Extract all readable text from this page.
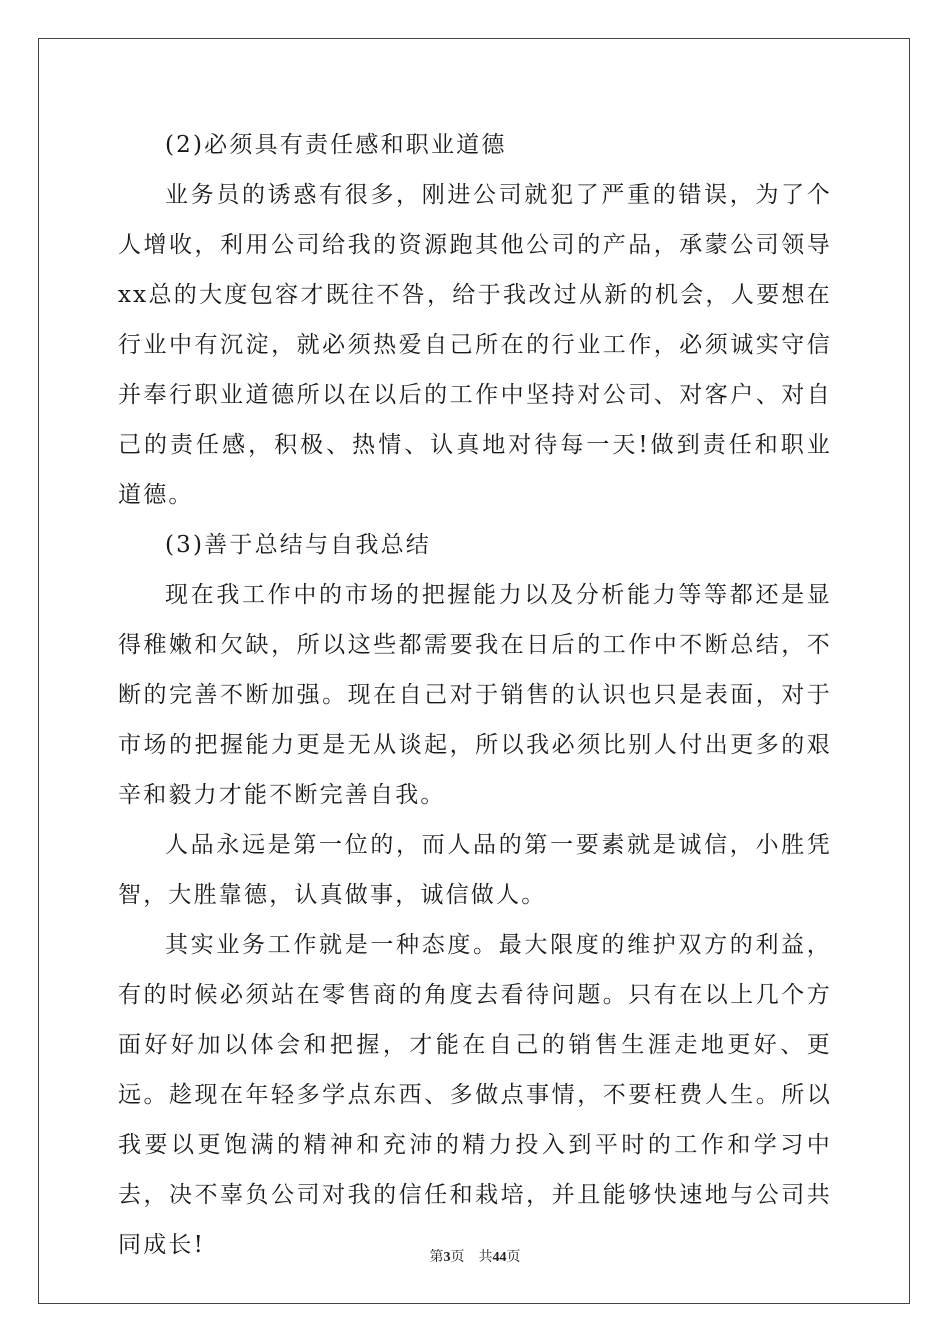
(2)必须具有责任感和职业道德

业务员的诱惑有很多，刚进公司就犯了严重的错误，为了个人增收，利用公司给我的资源跑其他公司的产品，承蒙公司领导xx总的大度包容才既往不咎，给于我改过从新的机会，人要想在行业中有沉淀，就必须热爱自己所在的行业工作，必须诚实守信并奉行职业道德所以在以后的工作中坚持对公司、对客户、对自己的责任感，积极、热情、认真地对待每一天!做到责任和职业道德。

(3)善于总结与自我总结

现在我工作中的市场的把握能力以及分析能力等等都还是显得稚嫩和欠缺，所以这些都需要我在日后的工作中不断总结，不断的完善不断加强。现在自己对于销售的认识也只是表面，对于市场的把握能力更是无从谈起，所以我必须比别人付出更多的艰辛和毅力才能不断完善自我。

人品永远是第一位的，而人品的第一要素就是诚信，小胜凭智，大胜靠德，认真做事，诚信做人。

其实业务工作就是一种态度。最大限度的维护双方的利益，有的时候必须站在零售商的角度去看待问题。只有在以上几个方面好好加以体会和把握，才能在自己的销售生涯走地更好、更远。趁现在年轻多学点东西、多做点事情，不要枉费人生。所以我要以更饱满的精神和充沛的精力投入到平时的工作和学习中去，决不辜负公司对我的信任和栽培，并且能够快速地与公司共同成长!	第3页 共44页
